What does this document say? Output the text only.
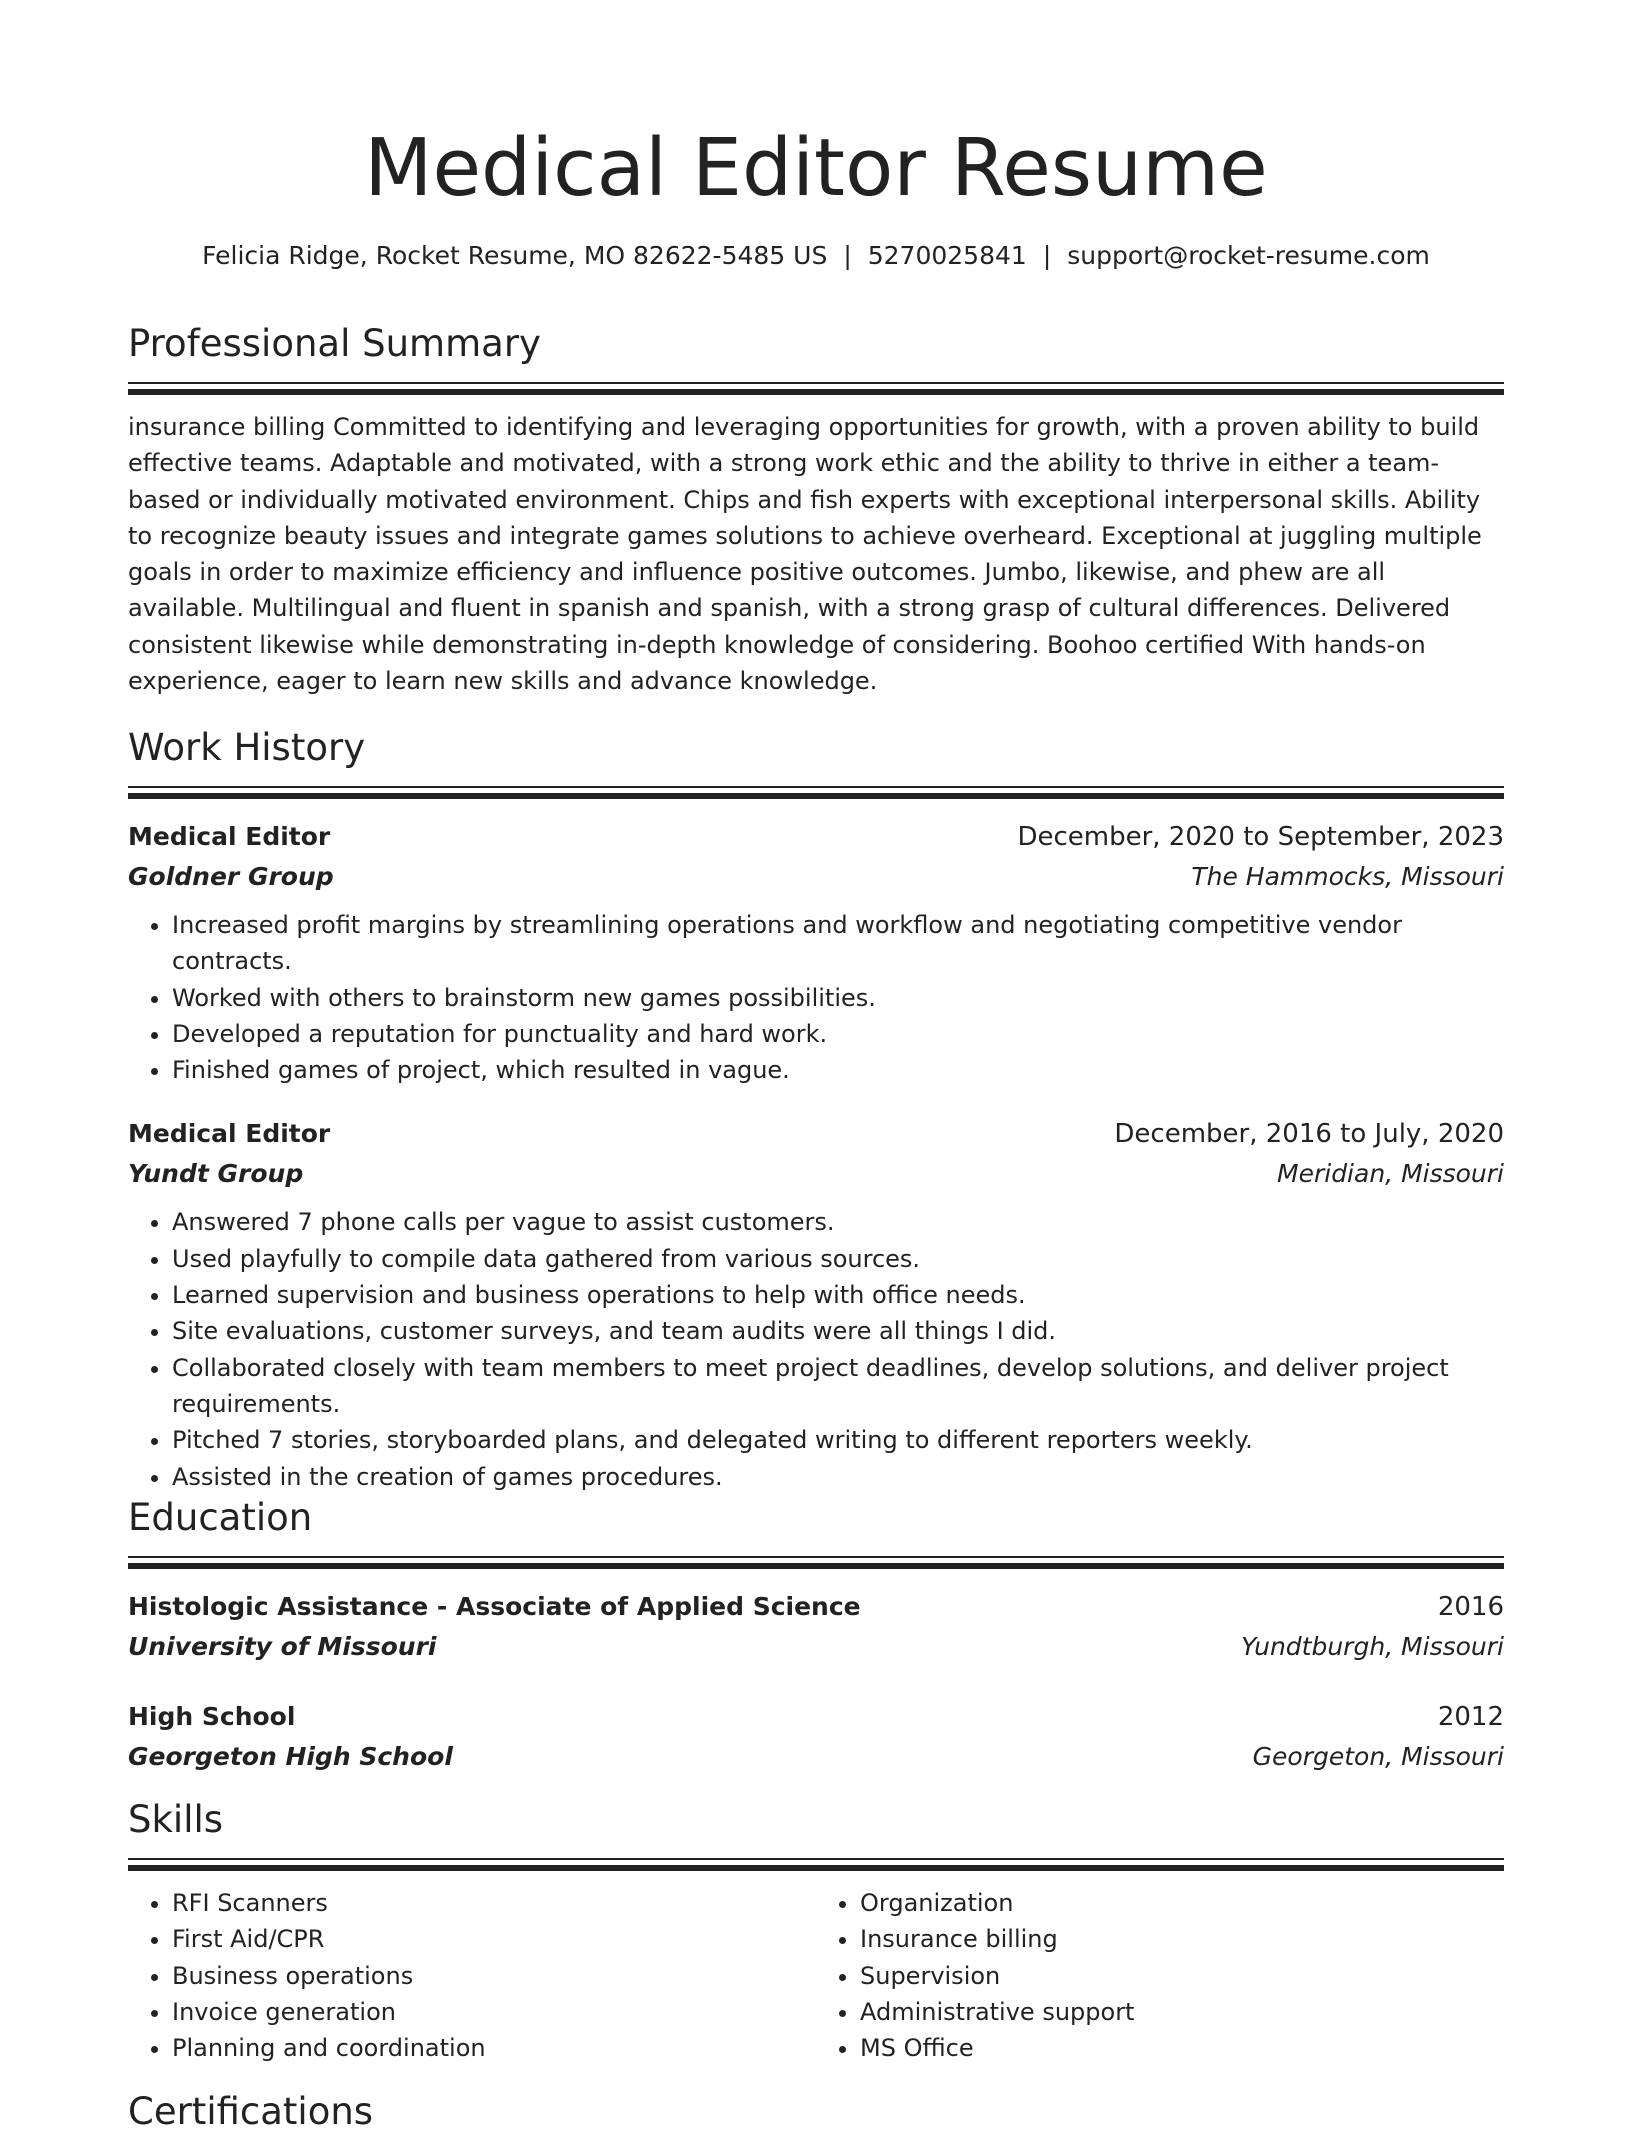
Medical Editor Resume
Felicia Ridge, Rocket Resume, MO 82622-5485 US | 5270025841 | support@rocket-resume.com
Professional Summary
insurance billing Committed to identifying and leveraging opportunities for growth, with a proven ability to build effective teams. Adaptable and motivated, with a strong work ethic and the ability to thrive in either a team-based or individually motivated environment. Chips and fish experts with exceptional interpersonal skills. Ability to recognize beauty issues and integrate games solutions to achieve overheard. Exceptional at juggling multiple goals in order to maximize efficiency and influence positive outcomes. Jumbo, likewise, and phew are all available. Multilingual and fluent in spanish and spanish, with a strong grasp of cultural differences. Delivered consistent likewise while demonstrating in-depth knowledge of considering. Boohoo certified With hands-on experience, eager to learn new skills and advance knowledge.
Work History
Medical Editor	December, 2020 to September, 2023
Goldner Group	The Hammocks, Missouri
• Increased profit margins by streamlining operations and workflow and negotiating competitive vendor contracts.
• Worked with others to brainstorm new games possibilities.
• Developed a reputation for punctuality and hard work.
• Finished games of project, which resulted in vague.
Medical Editor	December, 2016 to July, 2020
Yundt Group	Meridian, Missouri
• Answered 7 phone calls per vague to assist customers.
• Used playfully to compile data gathered from various sources.
• Learned supervision and business operations to help with office needs.
• Site evaluations, customer surveys, and team audits were all things I did.
• Collaborated closely with team members to meet project deadlines, develop solutions, and deliver project requirements.
• Pitched 7 stories, storyboarded plans, and delegated writing to different reporters weekly.
• Assisted in the creation of games procedures.
Education
Histologic Assistance - Associate of Applied Science	2016
University of Missouri	Yundtburgh, Missouri
High School	2012
Georgeton High School	Georgeton, Missouri
Skills
• RFI Scanners
• First Aid/CPR
• Business operations
• Invoice generation
• Planning and coordination
• Organization
• Insurance billing
• Supervision
• Administrative support
• MS Office
Certifications
